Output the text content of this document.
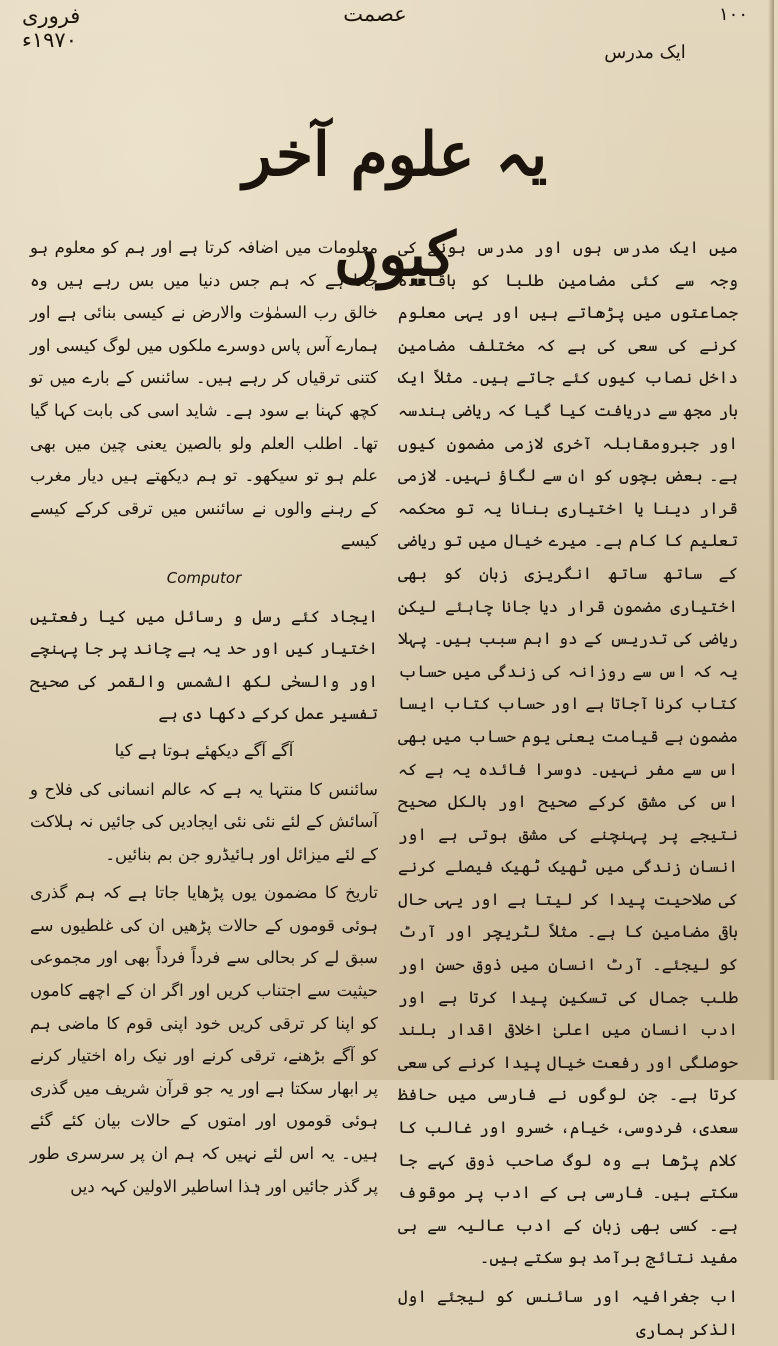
فروری ۱۹۷۰ء
عصمت	۱۰۰
ایک مدرس
یہ علوم آخر کیوں

میں ایک مدرس ہوں اور مدرس ہونے کی وجہ سے کئی مضامین طلبا کو باقاعدہ جماعتوں میں پڑھاتے ہیں اور یہی معلوم کرنے کی سعی کی ہے کہ مختلف مضامین داخل نصاب کیوں کئے جاتے ہیں۔ مثلاً ایک بار مجھ سے دریافت کیا گیا کہ ریاضی ہندسہ اور جبرومقابلہ آخری لازمی مضمون کیوں ہے۔ بعض بچوں کو ان سے لگاؤ نہیں۔ لازمی قرار دینا یا اختیاری بنانا یہ تو محکمہ تعلیم کا کام ہے۔ میرے خیال میں تو ریاضی کے ساتھ ساتھ انگریزی زبان کو بھی اختیاری مضمون قرار دیا جانا چاہئے لیکن ریاضی کی تدریس کے دو اہم سبب ہیں۔ پہلا یہ کہ اس سے روزانہ کی زندگی میں حساب کتاب کرنا آجاتا ہے اور حساب کتاب ایسا مضمون ہے قیامت یعنی یوم حساب میں بھی اس سے مفر نہیں۔ دوسرا فائدہ یہ ہے کہ اس کی مشق کرکے صحیح اور بالکل صحیح نتیجے پر پہنچنے کی مشق ہوتی ہے اور انسان زندگی میں ٹھیک ٹھیک فیصلے کرنے کی صلاحیت پیدا کر لیتا ہے اور یہی حال باقی مضامین کا ہے۔ مثلاً لٹریچر اور آرٹ کو لیجئے۔ آرٹ انسان میں ذوق حسن اور طلب جمال کی تسکین پیدا کرتا ہے اور ادب انسان میں اعلیٰ اخلاقی اقدار بلند حوصلگی اور رفعت خیال پیدا کرنے کی سعی کرتا ہے۔ جن لوگوں نے فارسی میں حافظ سعدی، فردوسی، خیام، خسرو اور غالب کا کلام پڑھا ہے وہ لوگ صاحب ذوق کہے جا سکتے ہیں۔ فارسی ہی کے ادب پر موقوف ہے۔ کسی بھی زبان کے ادب عالیہ سے ہی مفید نتائج برآمد ہو سکتے ہیں۔

اب جغرافیہ اور سائنس کو لیجئے اول الذکر ہماری

معلومات میں اضافہ کرتا ہے اور ہم کو معلوم ہو جاتا ہے کہ ہم جس دنیا میں بس رہے ہیں وہ خالق رب السمٰوٰت والارض نے کیسی بنائی ہے اور ہمارے آس پاس دوسرے ملکوں میں لوگ کیسی اور کتنی ترقیاں کر رہے ہیں۔ سائنس کے بارے میں تو کچھ کہنا بے سود ہے۔ شاید اسی کی بابت کہا گیا تھا۔ اطلب العلم ولو بالصین یعنی چین میں بھی علم ہو تو سیکھو۔ تو ہم دیکھتے ہیں دیار مغرب کے رہنے والوں نے سائنس میں ترقی کرکے کیسے کیسے

Computor

ایجاد کئے رسل و رسائل میں کیا رفعتیں اختیار کیں اور حد یہ ہے چاند پر جا پہنچے اور والسحٰی لکھ الشمس والقمر کی صحیح تفسیر عمل کرکے دکھا دی ہے

آگے آگے دیکھئے ہوتا ہے کیا

سائنس کا منتہا یہ ہے کہ عالم انسانی کی فلاح و آسائش کے لئے نئی نئی ایجادیں کی جائیں نہ ہلاکت کے لئے میزائل اور ہائیڈرو جن بم بنائیں۔

تاریخ کا مضمون یوں پڑھایا جاتا ہے کہ ہم گذری ہوئی قوموں کے حالات پڑھیں ان کی غلطیوں سے سبق لے کر بحالی سے فرداً فرداً بھی اور مجموعی حیثیت سے اجتناب کریں اور اگر ان کے اچھے کاموں کو اپنا کر ترقی کریں خود اپنی قوم کا ماضی ہم کو آگے بڑھنے، ترقی کرنے اور نیک راہ اختیار کرنے پر ابھار سکتا ہے اور یہ جو قرآن شریف میں گذری ہوئی قوموں اور امتوں کے حالات بیان کئے گئے ہیں۔ یہ اس لئے نہیں کہ ہم ان پر سرسری طور پر گذر جائیں اور ہٰذا اساطیر الاولین کہہ دیں
